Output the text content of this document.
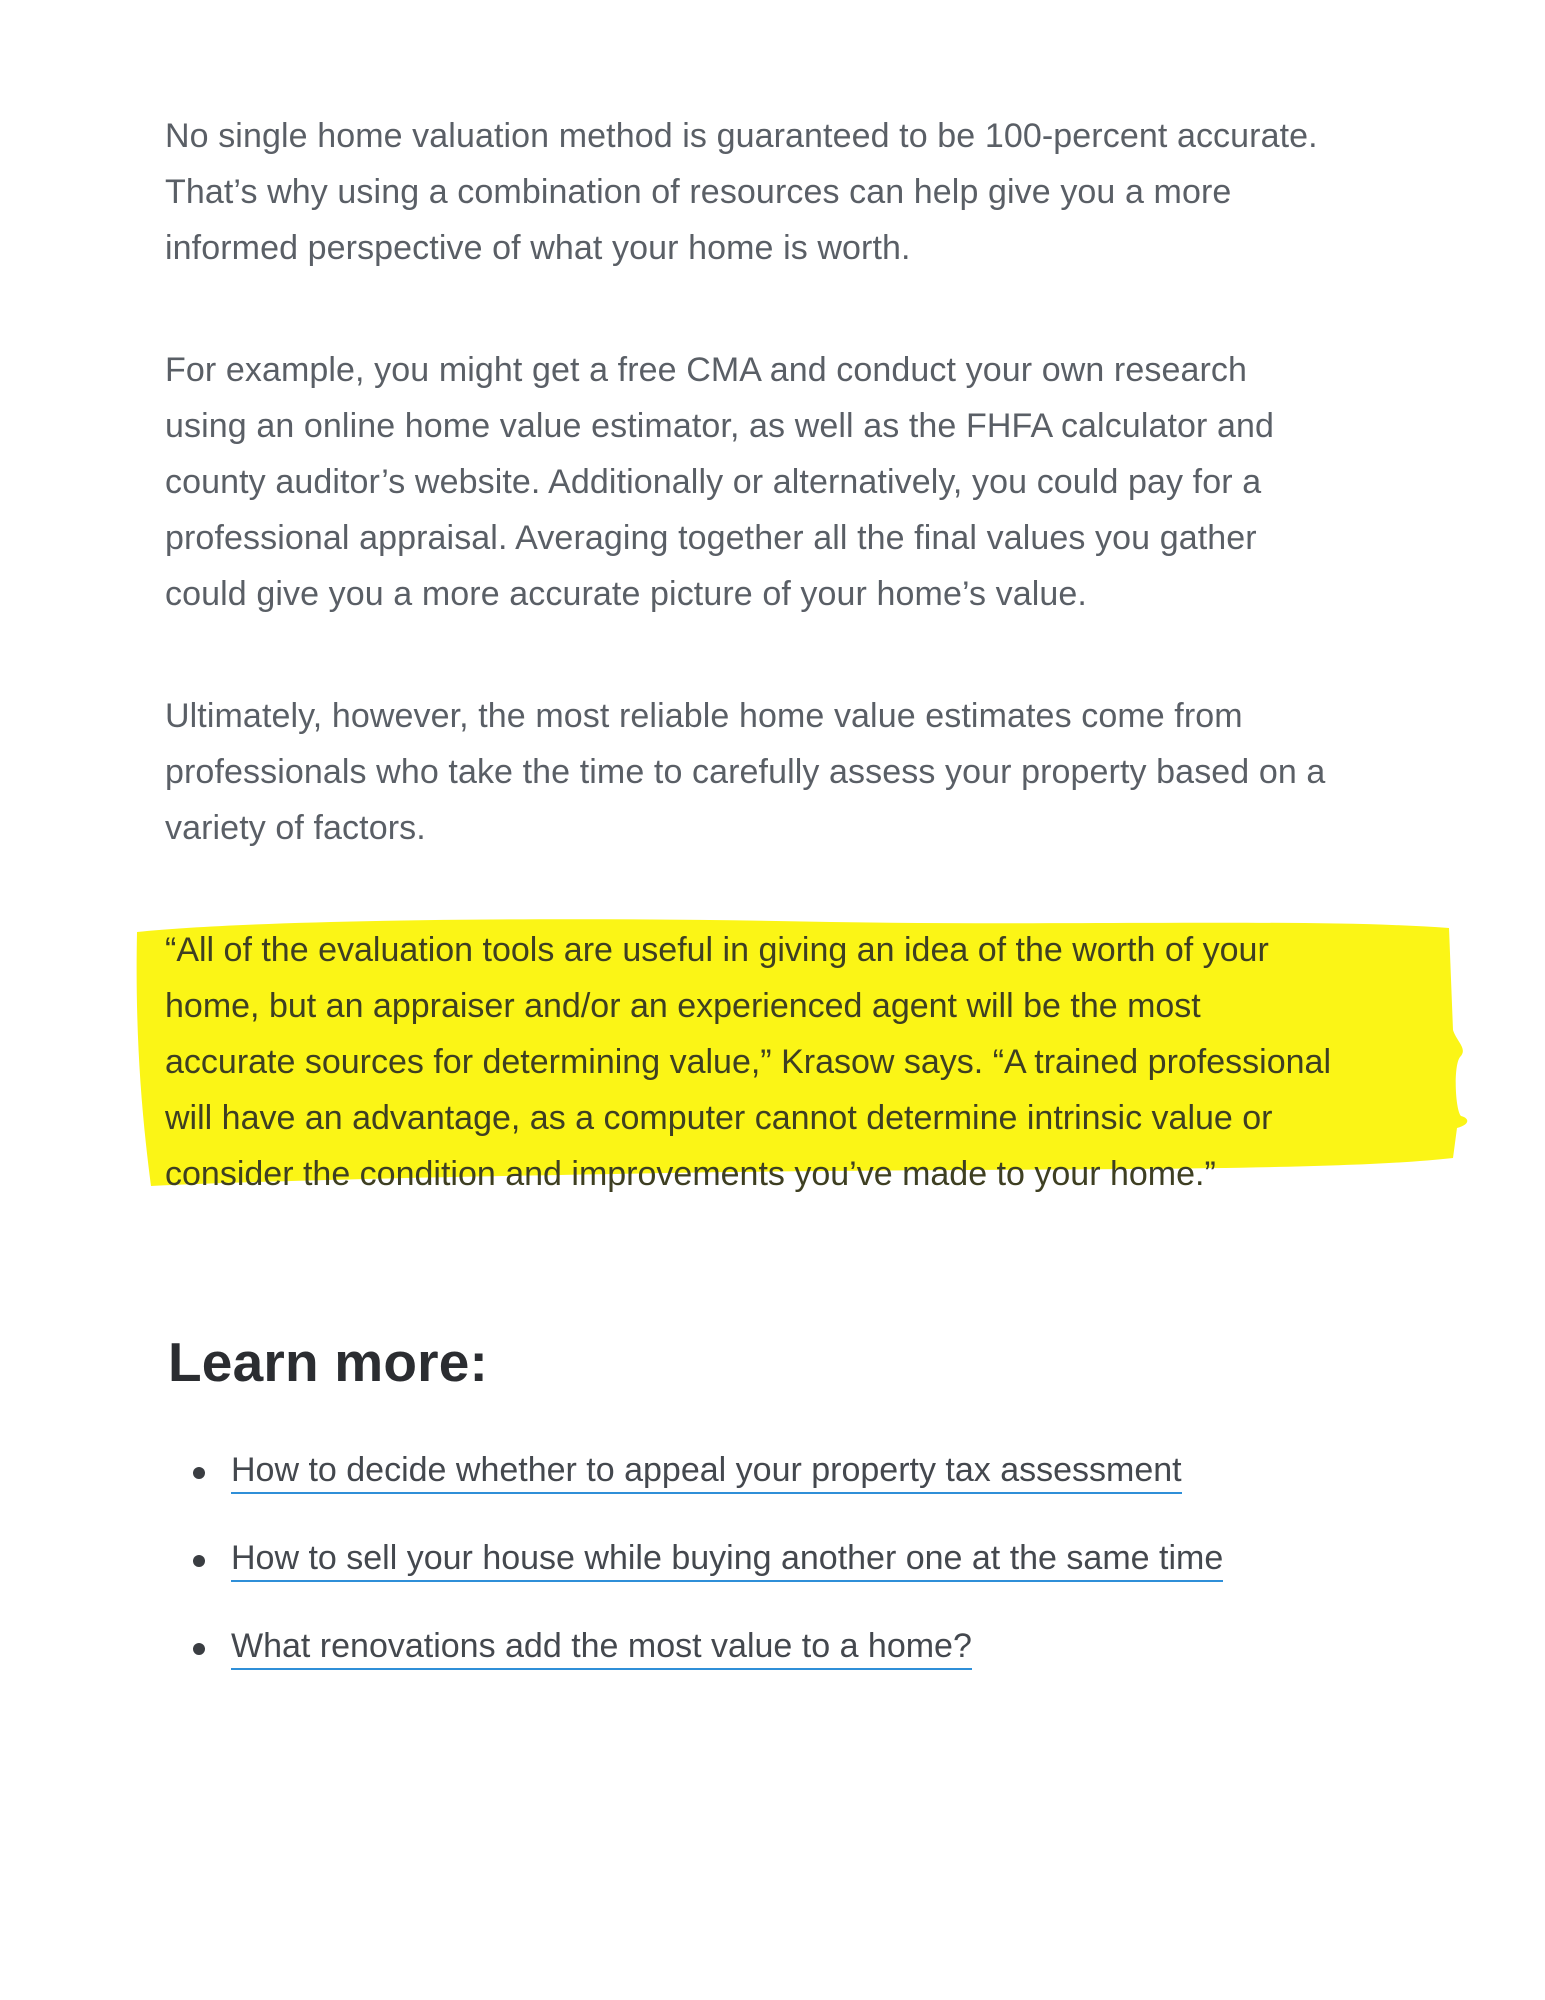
No single home valuation method is guaranteed to be 100-percent accurate.
That’s why using a combination of resources can help give you a more
informed perspective of what your home is worth.

For example, you might get a free CMA and conduct your own research
using an online home value estimator, as well as the FHFA calculator and
county auditor’s website. Additionally or alternatively, you could pay for a
professional appraisal. Averaging together all the final values you gather
could give you a more accurate picture of your home’s value.

Ultimately, however, the most reliable home value estimates come from
professionals who take the time to carefully assess your property based on a
variety of factors.

“All of the evaluation tools are useful in giving an idea of the worth of your
home, but an appraiser and/or an experienced agent will be the most
accurate sources for determining value,” Krasow says. “A trained professional
will have an advantage, as a computer cannot determine intrinsic value or
consider the condition and improvements you’ve made to your home.”

Learn more:
How to decide whether to appeal your property tax assessment
How to sell your house while buying another one at the same time
What renovations add the most value to a home?
